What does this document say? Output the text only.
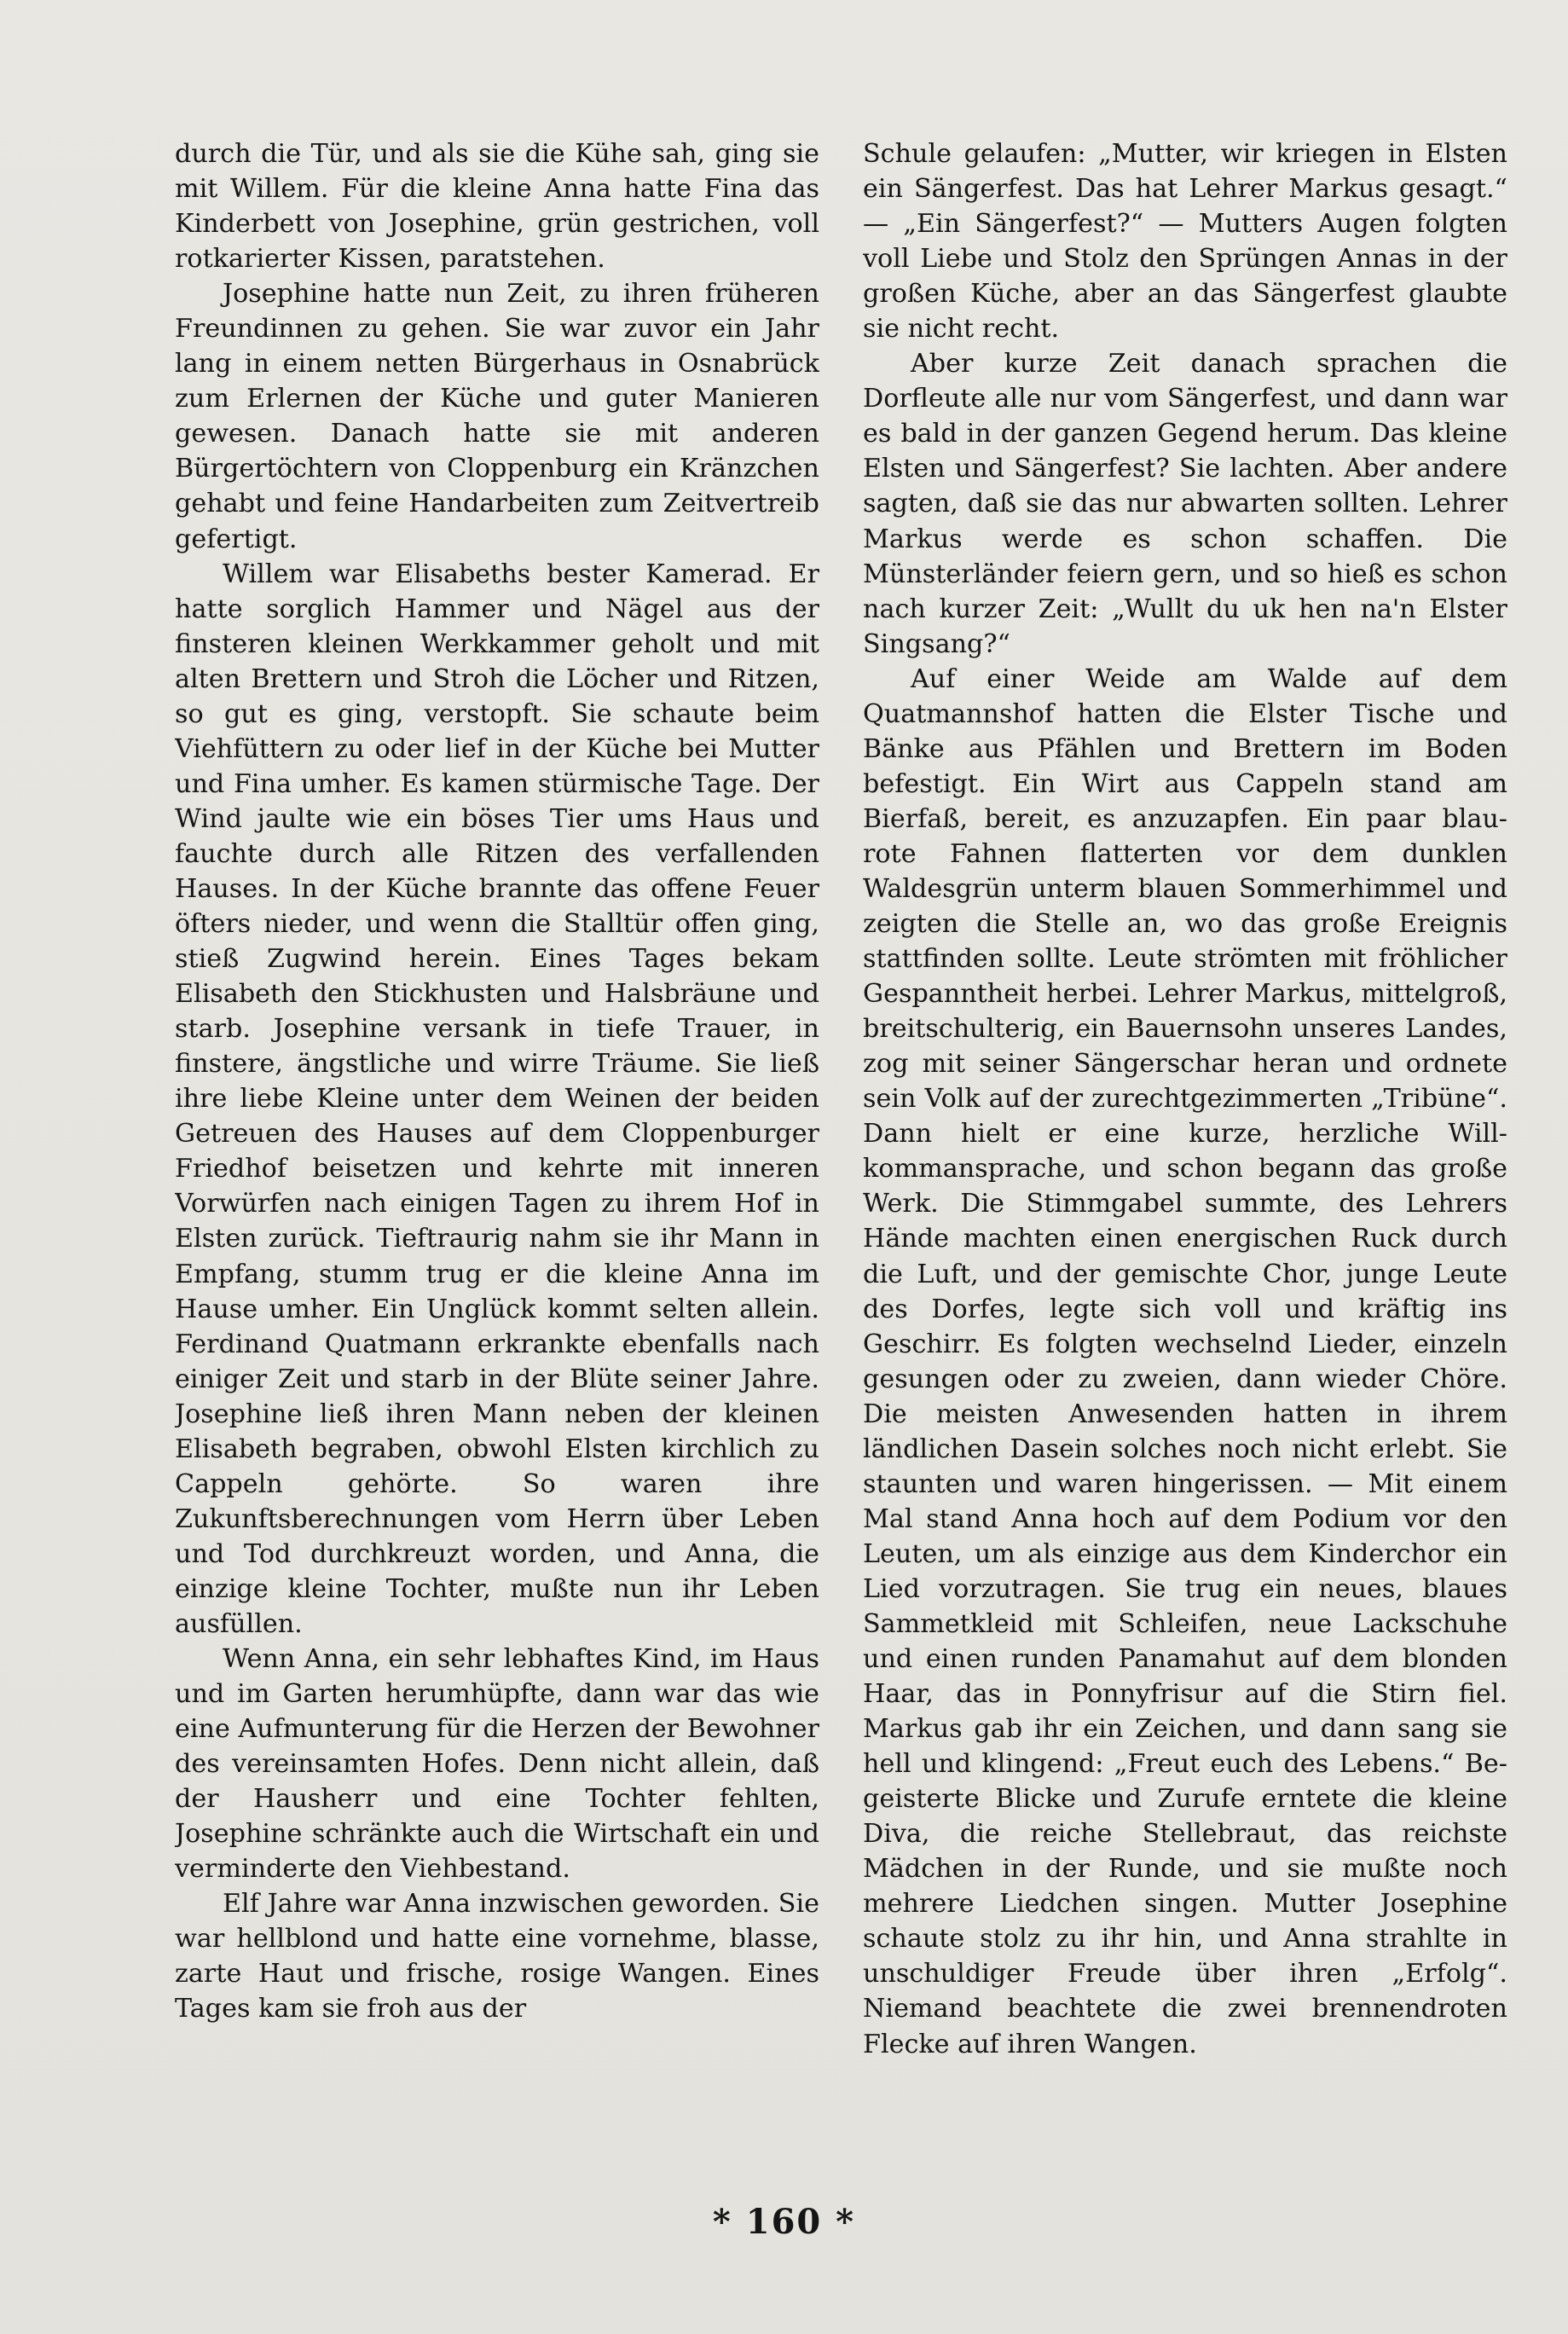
durch die Tür, und als sie die Kühe sah, ging sie mit Willem. Für die kleine Anna hatte Fina das Kinderbett von Josephine, grün gestrichen, voll rotkarierter Kissen, paratstehen.

Josephine hatte nun Zeit, zu ihren früheren Freundinnen zu gehen. Sie war zuvor ein Jahr lang in einem netten Bürgerhaus in Osnabrück zum Erlernen der Küche und guter Manieren gewesen. Danach hatte sie mit anderen Bürgertöchtern von Cloppenburg ein Kränzchen gehabt und feine Handarbeiten zum Zeitvertreib gefertigt.

Willem war Elisabeths bester Kamerad. Er hatte sorglich Hammer und Nägel aus der finsteren kleinen Werkkammer geholt und mit alten Brettern und Stroh die Löcher und Ritzen, so gut es ging, verstopft. Sie schaute beim Viehfüttern zu oder lief in der Küche bei Mutter und Fina umher. Es kamen stürmische Tage. Der Wind jaulte wie ein böses Tier ums Haus und fauchte durch alle Ritzen des verfallenden Hauses. In der Küche brannte das offene Feuer öfters nieder, und wenn die Stalltür offen ging, stieß Zugwind herein. Eines Tages bekam Elisabeth den Stickhusten und Halsbräune und starb. Josephine versank in tiefe Trauer, in finstere, ängstliche und wirre Träume. Sie ließ ihre liebe Kleine unter dem Weinen der beiden Getreuen des Hauses auf dem Cloppenburger Friedhof beisetzen und kehrte mit inneren Vorwürfen nach einigen Tagen zu ihrem Hof in Elsten zurück. Tieftraurig nahm sie ihr Mann in Empfang, stumm trug er die kleine Anna im Hause umher. Ein Unglück kommt selten allein. Ferdinand Quatmann erkrankte ebenfalls nach einiger Zeit und starb in der Blüte seiner Jahre. Josephine ließ ihren Mann neben der kleinen Elisabeth begraben, obwohl Elsten kirchlich zu Cappeln gehörte. So waren ihre Zukunftsberechnungen vom Herrn über Leben und Tod durchkreuzt worden, und Anna, die einzige kleine Tochter, mußte nun ihr Leben ausfüllen.

Wenn Anna, ein sehr lebhaftes Kind, im Haus und im Garten herumhüpfte, dann war das wie eine Aufmunterung für die Herzen der Bewohner des vereinsamten Hofes. Denn nicht allein, daß der Hausherr und eine Tochter fehlten, Josephine schränkte auch die Wirtschaft ein und verminderte den Viehbestand.

Elf Jahre war Anna inzwischen geworden. Sie war hellblond und hatte eine vornehme, blasse, zarte Haut und frische, rosige Wangen. Eines Tages kam sie froh aus der

Schule gelaufen: „Mutter, wir kriegen in Elsten ein Sängerfest. Das hat Lehrer Markus gesagt.“ — „Ein Sängerfest?“ — Mutters Augen folgten voll Liebe und Stolz den Sprüngen Annas in der großen Küche, aber an das Sängerfest glaubte sie nicht recht.

Aber kurze Zeit danach sprachen die Dorfleute alle nur vom Sängerfest, und dann war es bald in der ganzen Gegend herum. Das kleine Elsten und Sängerfest? Sie lachten. Aber andere sagten, daß sie das nur abwarten sollten. Lehrer Markus werde es schon schaffen. Die Münsterländer feiern gern, und so hieß es schon nach kurzer Zeit: „Wullt du uk hen na'n Elster Singsang?“

Auf einer Weide am Walde auf dem Quatmannshof hatten die Elster Tische und Bänke aus Pfählen und Brettern im Boden befestigt. Ein Wirt aus Cappeln stand am Bierfaß, bereit, es anzuzapfen. Ein paar blau-rote Fahnen flatterten vor dem dunklen Waldesgrün unterm blauen Sommerhimmel und zeigten die Stelle an, wo das große Ereignis stattfinden sollte. Leute strömten mit fröhlicher Gespanntheit herbei. Lehrer Markus, mittelgroß, breitschulterig, ein Bauernsohn unseres Landes, zog mit seiner Sängerschar heran und ordnete sein Volk auf der zurechtgezimmerten „Tribüne“. Dann hielt er eine kurze, herzliche Willkommansprache, und schon begann das große Werk. Die Stimmgabel summte, des Lehrers Hände machten einen energischen Ruck durch die Luft, und der gemischte Chor, junge Leute des Dorfes, legte sich voll und kräftig ins Geschirr. Es folgten wechselnd Lieder, einzeln gesungen oder zu zweien, dann wieder Chöre. Die meisten Anwesenden hatten in ihrem ländlichen Dasein solches noch nicht erlebt. Sie staunten und waren hingerissen. — Mit einem Mal stand Anna hoch auf dem Podium vor den Leuten, um als einzige aus dem Kinderchor ein Lied vorzutragen. Sie trug ein neues, blaues Sammetkleid mit Schleifen, neue Lackschuhe und einen runden Panamahut auf dem blonden Haar, das in Ponnyfrisur auf die Stirn fiel. Markus gab ihr ein Zeichen, und dann sang sie hell und klingend: „Freut euch des Lebens.“ Begeisterte Blicke und Zurufe erntete die kleine Diva, die reiche Stellebraut, das reichste Mädchen in der Runde, und sie mußte noch mehrere Liedchen singen. Mutter Josephine schaute stolz zu ihr hin, und Anna strahlte in unschuldiger Freude über ihren „Erfolg“. Niemand beachtete die zwei brennendroten Flecke auf ihren Wangen.

* 160 *
